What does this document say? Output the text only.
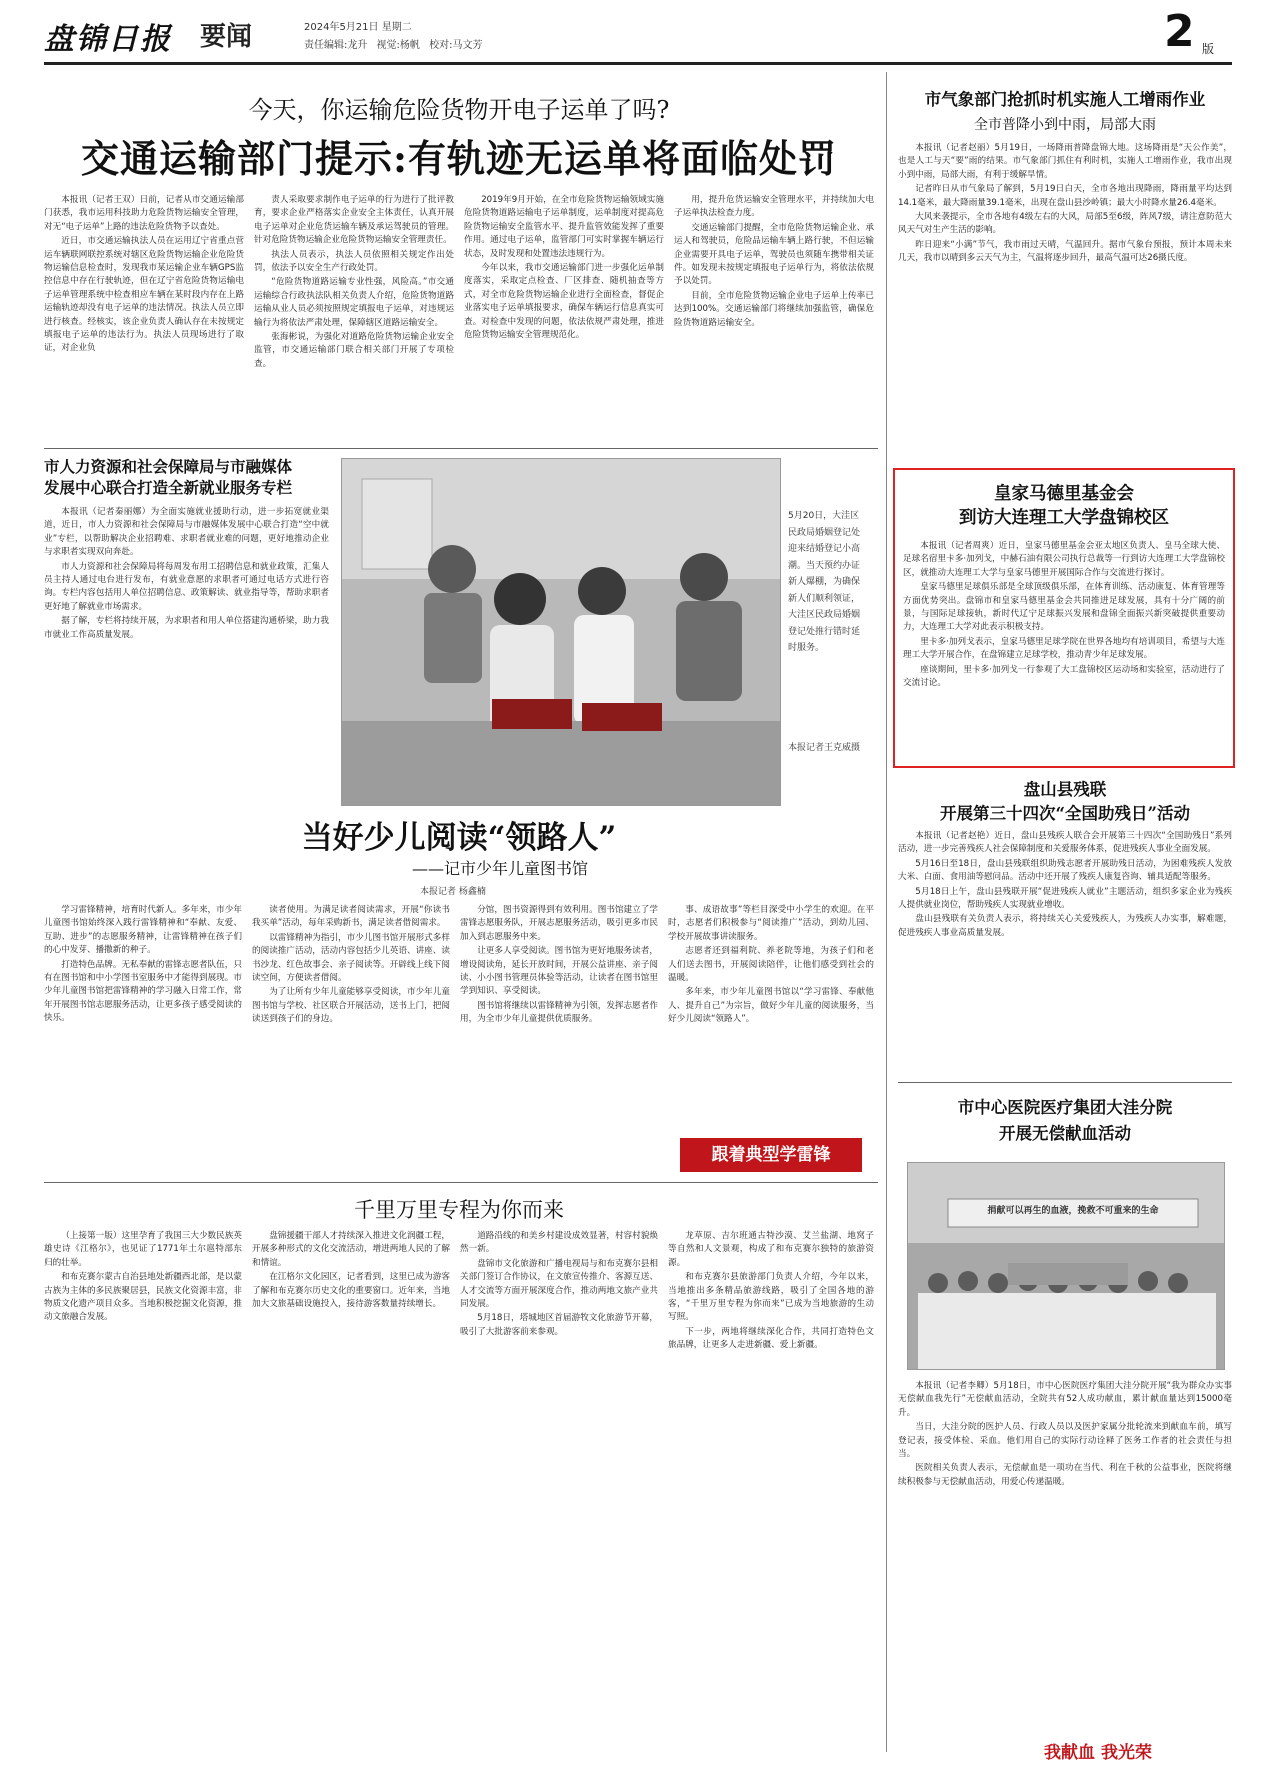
盘锦日报 要闻	2024年5月21日 星期二
责任编辑:龙升 视觉:杨帆 校对:马文芳	2 版
今天，你运输危险货物开电子运单了吗?
交通运输部门提示:有轨迹无运单将面临处罚

本报讯（记者王双）日前，记者从市交通运输部门获悉，我市运用科技助力危险货物运输安全管理，对无“电子运单”上路的违法危险货物予以查处。

近日，市交通运输执法人员在运用辽宁省重点营运车辆联网联控系统对辖区危险货物运输企业危险货物运输信息检查时，发现我市某运输企业车辆GPS监控信息中存在行驶轨迹，但在辽宁省危险货物运输电子运单管理系统中检查相应车辆在某时段内存在上路运输轨迹却没有电子运单的违法情况。执法人员立即进行核查。经核实，该企业负责人确认存在未按规定填报电子运单的违法行为。执法人员现场进行了取证，对企业负

责人采取要求制作电子运单的行为进行了批评教育，要求企业严格落实企业安全主体责任，认真开展电子运单对企业危货运输车辆及承运驾驶员的管理。针对危险货物运输企业危险货物运输安全管理责任。

执法人员表示，执法人员依照相关规定作出处罚，依法予以安全生产行政处罚。

“危险货物道路运输专业性强，风险高。”市交通运输综合行政执法队相关负责人介绍，危险货物道路运输从业人员必须按照规定填报电子运单，对违规运输行为将依法严肃处理，保障辖区道路运输安全。

张海彬说，为强化对道路危险货物运输企业安全监管，市交通运输部门联合相关部门开展了专项检查。

2019年9月开始，在全市危险货物运输领域实施危险货物道路运输电子运单制度，运单制度对提高危险货物运输安全监管水平、提升监管效能发挥了重要作用。通过电子运单，监管部门可实时掌握车辆运行状态，及时发现和处置违法违规行为。

今年以来，我市交通运输部门进一步强化运单制度落实，采取定点检查、厂区排查、随机抽查等方式，对全市危险货物运输企业进行全面检查，督促企业落实电子运单填报要求，确保车辆运行信息真实可查。对检查中发现的问题，依法依规严肃处理，推进危险货物运输安全管理规范化。

用，提升危货运输安全管理水平，并持续加大电子运单执法检查力度。

交通运输部门提醒，全市危险货物运输企业、承运人和驾驶员，危险品运输车辆上路行驶，不但运输企业需要开具电子运单，驾驶员也须随车携带相关证件。如发现未按规定填报电子运单行为，将依法依规予以处罚。

目前，全市危险货物运输企业电子运单上传率已达到100%。交通运输部门将继续加强监管，确保危险货物道路运输安全。

市气象部门抢抓时机实施人工增雨作业
全市普降小到中雨，局部大雨

本报讯（记者赵丽）5月19日，一场降雨普降盘锦大地。这场降雨是“天公作美”，也是人工与天“要”雨的结果。市气象部门抓住有利时机，实施人工增雨作业，我市出现小到中雨，局部大雨，有利于缓解旱情。

记者昨日从市气象局了解到，5月19日白天，全市各地出现降雨，降雨量平均达到14.1毫米，最大降雨量39.1毫米，出现在盘山县沙岭镇；最大小时降水量26.4毫米。

大风来袭提示，全市各地有4级左右的大风，局部5至6级，阵风7级，请注意防范大风天气对生产生活的影响。

昨日迎来“小满”节气，我市雨过天晴，气温回升。据市气象台预报，预计本周未来几天，我市以晴到多云天气为主，气温将逐步回升，最高气温可达26摄氏度。

市人力资源和社会保障局与市融媒体
发展中心联合打造全新就业服务专栏

本报讯（记者秦丽娜）为全面实施就业援助行动，进一步拓宽就业渠道，近日，市人力资源和社会保障局与市融媒体发展中心联合打造“空中就业”专栏，以帮助解决企业招聘难、求职者就业难的问题，更好地推动企业与求职者实现双向奔赴。

市人力资源和社会保障局将每周发布用工招聘信息和就业政策，汇集人员主持人通过电台进行发布，有就业意愿的求职者可通过电话方式进行咨询。专栏内容包括用人单位招聘信息、政策解读、就业指导等，帮助求职者更好地了解就业市场需求。

据了解，专栏将持续开展，为求职者和用人单位搭建沟通桥梁，助力我市就业工作高质量发展。

5月20日，大洼区民政局婚姻登记处迎来结婚登记小高潮。当天预约办证新人爆棚，为确保新人们顺利领证，大洼区民政局婚姻登记处推行错时延时服务。
本报记者王克威摄
皇家马德里基金会
到访大连理工大学盘锦校区

本报讯（记者周爽）近日，皇家马德里基金会亚太地区负责人、皇马全球大使、足球名宿里卡多·加列戈，中赫石油有限公司执行总裁等一行到访大连理工大学盘锦校区，就推动大连理工大学与皇家马德里开展国际合作与交流进行探讨。

皇家马德里足球俱乐部是全球顶级俱乐部，在体育训练、活动康复、体育管理等方面优势突出。盘锦市和皇家马德里基金会共同推进足球发展，具有十分广阔的前景，与国际足球接轨，新时代辽宁足球振兴发展和盘锦全面振兴新突破提供重要动力，大连理工大学对此表示积极支持。

里卡多·加列戈表示，皇家马德里足球学院在世界各地均有培训项目，希望与大连理工大学开展合作，在盘锦建立足球学校，推动青少年足球发展。

座谈期间，里卡多·加列戈一行参观了大工盘锦校区运动场和实验室，活动进行了交流讨论。

当好少儿阅读“领路人”
——记市少年儿童图书馆
本报记者 杨鑫楠

学习雷锋精神，培育时代新人。多年来，市少年儿童图书馆始终深入践行雷锋精神和“奉献、友爱、互助、进步”的志愿服务精神，让雷锋精神在孩子们的心中发芽、播撒新的种子。

打造特色品牌。无私奉献的雷锋志愿者队伍，只有在图书馆和中小学图书室服务中才能得到展现。市少年儿童图书馆把雷锋精神的学习融入日常工作，常年开展图书馆志愿服务活动，让更多孩子感受阅读的快乐。

读者使用。为满足读者阅读需求，开展“你读书我买单”活动，每年采购新书，满足读者借阅需求。

以雷锋精神为指引，市少儿图书馆开展形式多样的阅读推广活动，活动内容包括少儿英语、讲座、读书沙龙、红色故事会、亲子阅读等。开辟线上线下阅读空间，方便读者借阅。

为了让所有少年儿童能够享受阅读，市少年儿童图书馆与学校、社区联合开展活动，送书上门，把阅读送到孩子们的身边。

分馆，图书资源得到有效利用。图书馆建立了学雷锋志愿服务队，开展志愿服务活动，吸引更多市民加入到志愿服务中来。

让更多人享受阅读。图书馆为更好地服务读者，增设阅读角，延长开放时间，开展公益讲座、亲子阅读、小小图书管理员体验等活动，让读者在图书馆里学到知识、享受阅读。

图书馆将继续以雷锋精神为引领，发挥志愿者作用，为全市少年儿童提供优质服务。

事、成语故事”等栏目深受中小学生的欢迎。在平时，志愿者们积极参与“阅读推广”活动，到幼儿园、学校开展故事讲读服务。

志愿者还到福利院、养老院等地，为孩子们和老人们送去图书，开展阅读陪伴，让他们感受到社会的温暖。

多年来，市少年儿童图书馆以“学习雷锋、奉献他人、提升自己”为宗旨，做好少年儿童的阅读服务，当好少儿阅读“领路人”。

跟着典型学雷锋
盘山县残联
开展第三十四次“全国助残日”活动

本报讯（记者赵艳）近日，盘山县残疾人联合会开展第三十四次“全国助残日”系列活动，进一步完善残疾人社会保障制度和关爱服务体系，促进残疾人事业全面发展。

5月16日至18日，盘山县残联组织助残志愿者开展助残日活动，为困难残疾人发放大米、白面、食用油等慰问品。活动中还开展了残疾人康复咨询、辅具适配等服务。

5月18日上午，盘山县残联开展“促进残疾人就业”主题活动，组织多家企业为残疾人提供就业岗位，帮助残疾人实现就业增收。

盘山县残联有关负责人表示，将持续关心关爱残疾人，为残疾人办实事，解难题，促进残疾人事业高质量发展。

市中心医院医疗集团大洼分院
开展无偿献血活动
捐献可以再生的血液，挽救不可重来的生命

本报讯（记者李卿）5月18日，市中心医院医疗集团大洼分院开展“我为群众办实事 无偿献血我先行”无偿献血活动，全院共有52人成功献血，累计献血量达到15000毫升。

当日，大洼分院的医护人员、行政人员以及医护家属分批轮流来到献血车前，填写登记表，接受体检、采血。他们用自己的实际行动诠释了医务工作者的社会责任与担当。

医院相关负责人表示，无偿献血是一项功在当代、利在千秋的公益事业，医院将继续积极参与无偿献血活动，用爱心传递温暖。

我献血 我光荣
千里万里专程为你而来

（上接第一版）这里孕育了我国三大少数民族英雄史诗《江格尔》，也见证了1771年土尔扈特部东归的壮举。

和布克赛尔蒙古自治县地处新疆西北部，是以蒙古族为主体的多民族聚居县，民族文化资源丰富，非物质文化遗产项目众多。当地积极挖掘文化资源，推动文旅融合发展。

盘锦援疆干部人才持续深入推进文化润疆工程，开展多种形式的文化交流活动，增进两地人民的了解和情谊。

在江格尔文化园区，记者看到，这里已成为游客了解和布克赛尔历史文化的重要窗口。近年来，当地加大文旅基础设施投入，接待游客数量持续增长。

道路沿线的和美乡村建设成效显著，村容村貌焕然一新。

盘锦市文化旅游和广播电视局与和布克赛尔县相关部门签订合作协议，在文旅宣传推介、客源互送、人才交流等方面开展深度合作，推动两地文旅产业共同发展。

5月18日，塔城地区首届游牧文化旅游节开幕，吸引了大批游客前来参观。

龙草原、吉尔班通古特沙漠、艾兰盐湖、地窝子等自然和人文景观，构成了和布克赛尔独特的旅游资源。

和布克赛尔县旅游部门负责人介绍，今年以来，当地推出多条精品旅游线路，吸引了全国各地的游客，“千里万里专程为你而来”已成为当地旅游的生动写照。

下一步，两地将继续深化合作，共同打造特色文旅品牌，让更多人走进新疆、爱上新疆。
